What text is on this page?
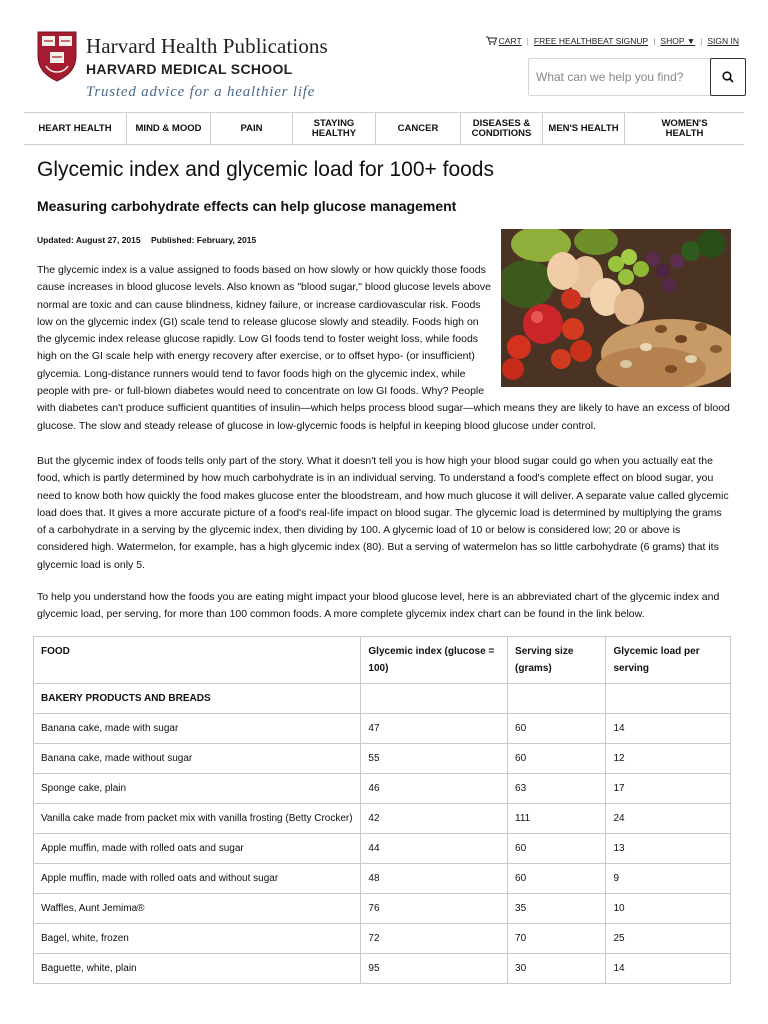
Harvard Health Publications
HARVARD MEDICAL SCHOOL
Trusted advice for a healthier life
CART | FREE HEALTHBEAT SIGNUP | SHOP ▼ | SIGN IN
What can we help you find?
HEART HEALTH	MIND & MOOD	PAIN	STAYING HEALTHY	CANCER	DISEASES & CONDITIONS	MEN'S HEALTH	WOMEN'S HEALTH
Glycemic index and glycemic load for 100+ foods
Measuring carbohydrate effects can help glucose management
Updated: August 27, 2015 Published: February, 2015
The glycemic index is a value assigned to foods based on how slowly or how quickly those foods cause increases in blood glucose levels. Also known as "blood sugar," blood glucose levels above normal are toxic and can cause blindness, kidney failure, or increase cardiovascular risk. Foods low on the glycemic index (GI) scale tend to release glucose slowly and steadily. Foods high on the glycemic index release glucose rapidly. Low GI foods tend to foster weight loss, while foods high on the GI scale help with energy recovery after exercise, or to offset hypo- (or insufficient) glycemia. Long-distance runners would tend to favor foods high on the glycemic index, while people with pre- or full-blown diabetes would need to concentrate on low GI foods. Why? People with diabetes can't produce sufficient quantities of insulin—which helps process blood sugar—which means they are likely to have an excess of blood glucose. The slow and steady release of glucose in low-glycemic foods is helpful in keeping blood glucose under control.
But the glycemic index of foods tells only part of the story. What it doesn't tell you is how high your blood sugar could go when you actually eat the food, which is partly determined by how much carbohydrate is in an individual serving. To understand a food's complete effect on blood sugar, you need to know both how quickly the food makes glucose enter the bloodstream, and how much glucose it will deliver. A separate value called glycemic load does that. It gives a more accurate picture of a food's real-life impact on blood sugar. The glycemic load is determined by multiplying the grams of a carbohydrate in a serving by the glycemic index, then dividing by 100. A glycemic load of 10 or below is considered low; 20 or above is considered high. Watermelon, for example, has a high glycemic index (80). But a serving of watermelon has so little carbohydrate (6 grams) that its glycemic load is only 5.
To help you understand how the foods you are eating might impact your blood glucose level, here is an abbreviated chart of the glycemic index and glycemic load, per serving, for more than 100 common foods. A more complete glycemix index chart can be found in the link below.
FOOD	Glycemic index (glucose = 100)	Serving size (grams)	Glycemic load per serving
BAKERY PRODUCTS AND BREADS			
Banana cake, made with sugar	47	60	14
Banana cake, made without sugar	55	60	12
Sponge cake, plain	46	63	17
Vanilla cake made from packet mix with vanilla frosting (Betty Crocker)	42	111	24
Apple muffin, made with rolled oats and sugar	44	60	13
Apple muffin, made with rolled oats and without sugar	48	60	9
Waffles, Aunt Jemima®	76	35	10
Bagel, white, frozen	72	70	25
Baguette, white, plain	95	30	14
